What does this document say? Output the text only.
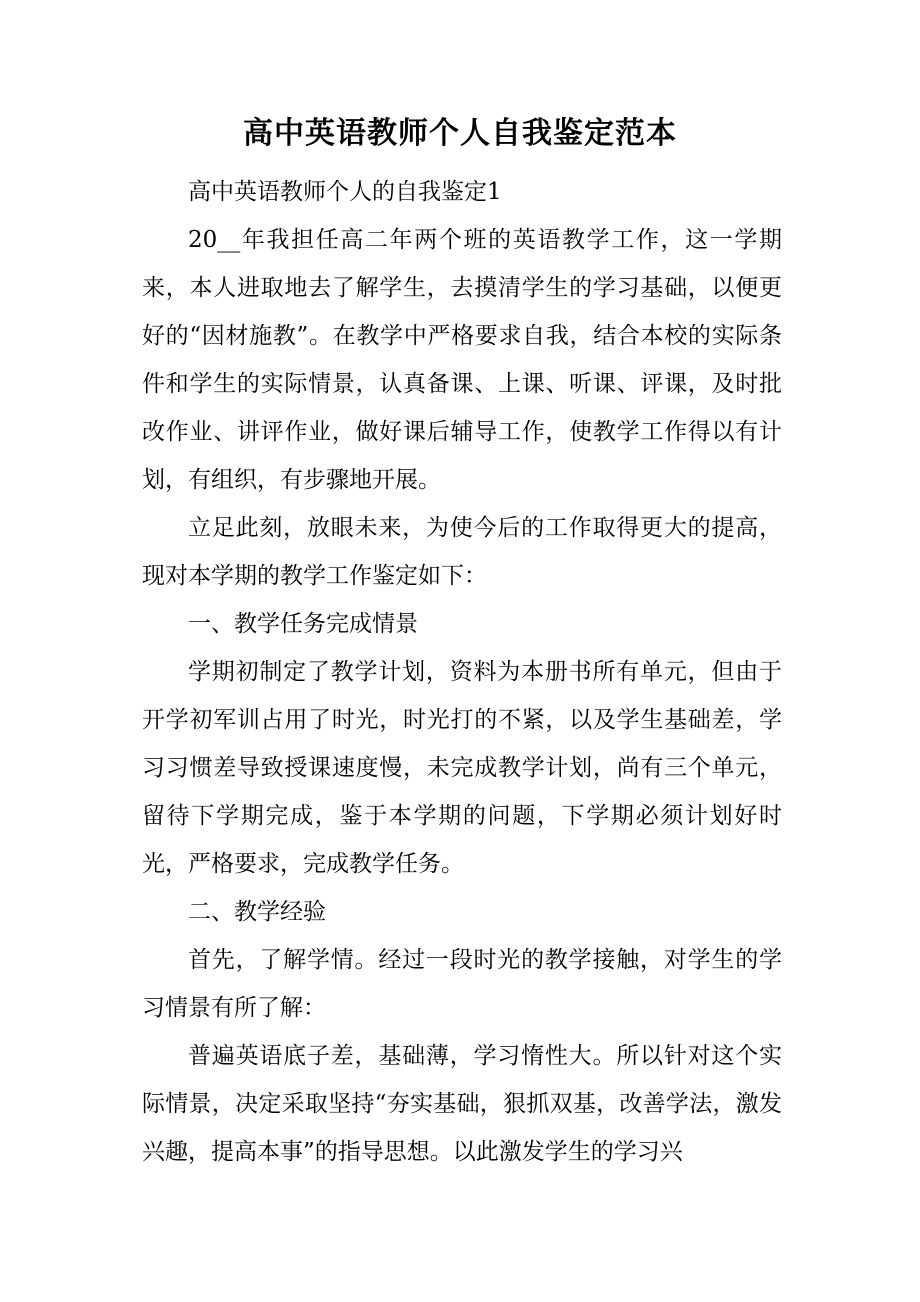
高中英语教师个人自我鉴定范本

高中英语教师个人的自我鉴定1

20__年我担任高二年两个班的英语教学工作，这一学期来，本人进取地去了解学生，去摸清学生的学习基础，以便更好的“因材施教”。在教学中严格要求自我，结合本校的实际条件和学生的实际情景，认真备课、上课、听课、评课，及时批改作业、讲评作业，做好课后辅导工作，使教学工作得以有计划，有组织，有步骤地开展。

立足此刻，放眼未来，为使今后的工作取得更大的提高，现对本学期的教学工作鉴定如下：

一、教学任务完成情景

学期初制定了教学计划，资料为本册书所有单元，但由于开学初军训占用了时光，时光打的不紧，以及学生基础差，学习习惯差导致授课速度慢，未完成教学计划，尚有三个单元，留待下学期完成，鉴于本学期的问题，下学期必须计划好时光，严格要求，完成教学任务。

二、教学经验

首先，了解学情。经过一段时光的教学接触，对学生的学习情景有所了解：

普遍英语底子差，基础薄，学习惰性大。所以针对这个实际情景，决定采取坚持“夯实基础，狠抓双基，改善学法，激发兴趣，提高本事”的指导思想。以此激发学生的学习兴
